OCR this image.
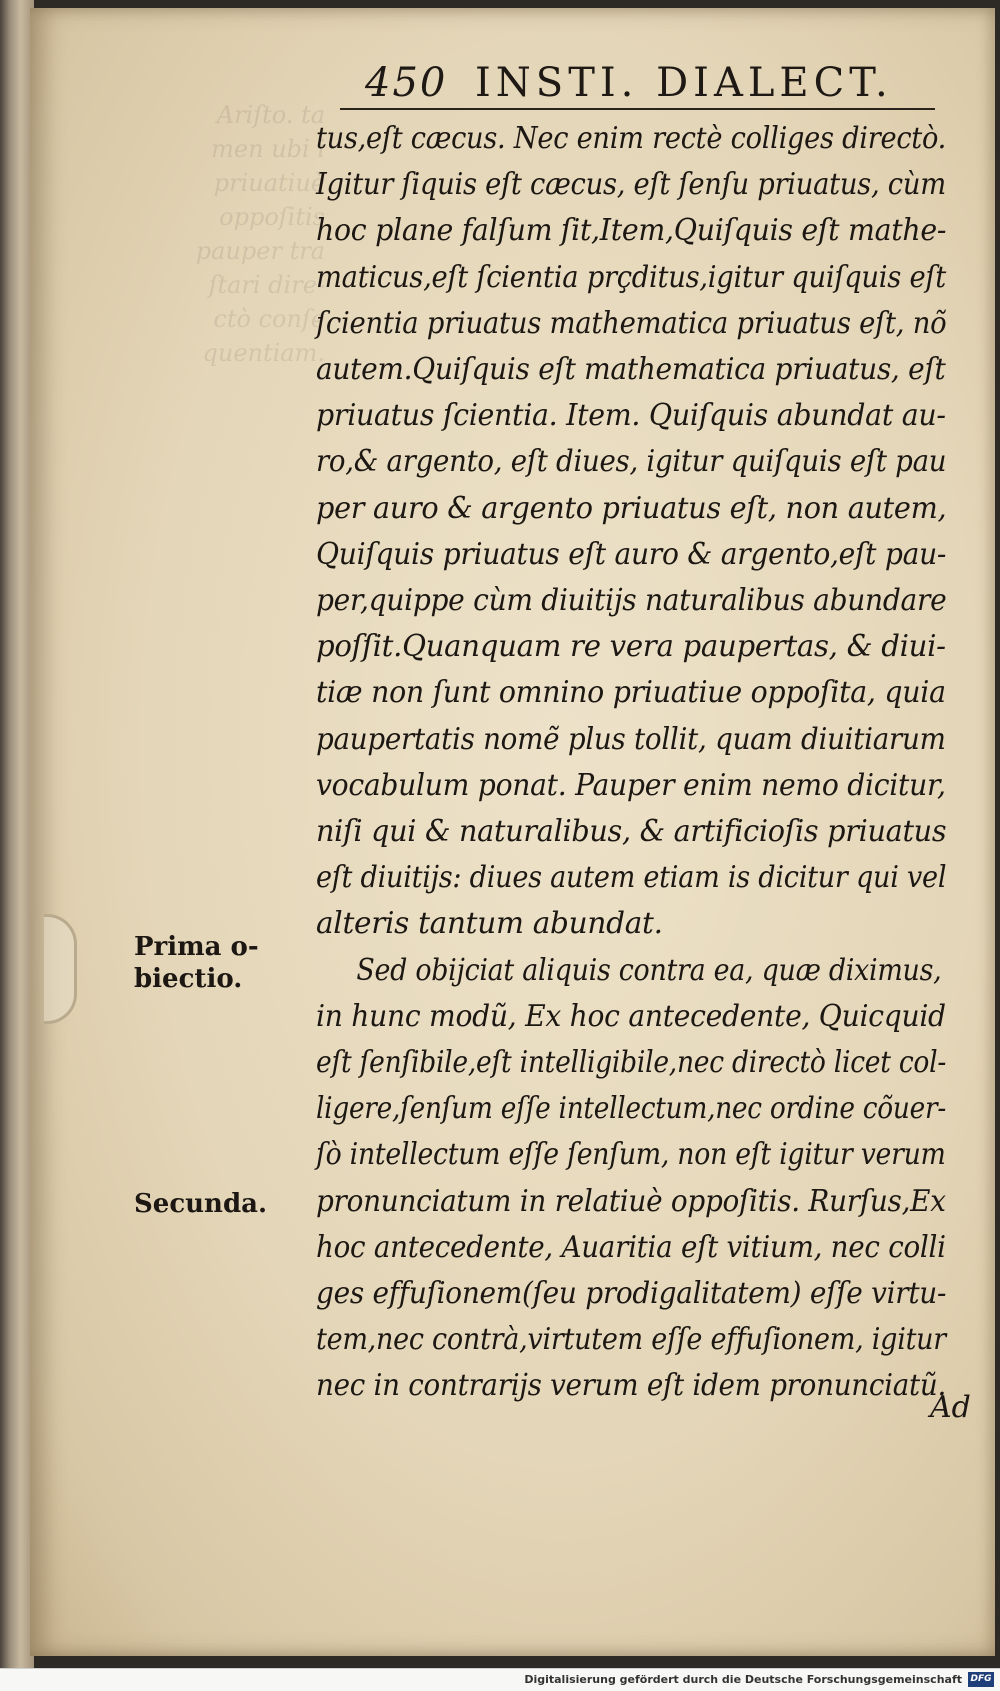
Ariſto. ta
men ubi i
priuatiuè
oppoſitis
pauper tra
ſtari dire-
ctò conſe
quentiam.
450 INSTI. DIALECT.
tus,eſt cæcus. Nec enim rectè colliges directò.
Igitur ſiquis eſt cæcus, eſt ſenſu priuatus, cùm
hoc plane falſum ſit,Item,Quiſquis eſt mathe-
maticus,eſt ſcientia prçditus,igitur quiſquis eſt
ſcientia priuatus mathematica priuatus eſt, nõ
autem.Quiſquis eſt mathematica priuatus, eſt
priuatus ſcientia. Item. Quiſquis abundat au-
ro,& argento, eſt diues, igitur quiſquis eſt pau
per auro & argento priuatus eſt, non autem,
Quiſquis priuatus eſt auro & argento,eſt pau-
per,quippe cùm diuitijs naturalibus abundare
poſſit.Quanquam re vera paupertas, & diui-
tiæ non ſunt omnino priuatiue oppoſita, quia
paupertatis nomẽ plus tollit, quam diuitiarum
vocabulum ponat. Pauper enim nemo dicitur,
niſi qui & naturalibus, & artificioſis priuatus
eſt diuitijs: diues autem etiam is dicitur qui vel
alteris tantum abundat.
Sed obijciat aliquis contra ea, quæ diximus,
in hunc modũ, Ex hoc antecedente, Quicquid
eſt ſenſibile,eſt intelligibile,nec directò licet col-
ligere,ſenſum eſſe intellectum,nec ordine cõuer-
ſò intellectum eſſe ſenſum, non eſt igitur verum
pronunciatum in relatiuè oppoſitis. Rurſus,Ex
hoc antecedente, Auaritia eſt vitium, nec colli
ges effuſionem(ſeu prodigalitatem) eſſe virtu-
tem,nec contrà,virtutem eſſe effuſionem, igitur
nec in contrarijs verum eſt idem pronunciatũ.
Prima o-
biectio.
Secunda.
Ad
Digitalisierung gefördert durch die Deutsche Forschungsgemeinschaft DFG
